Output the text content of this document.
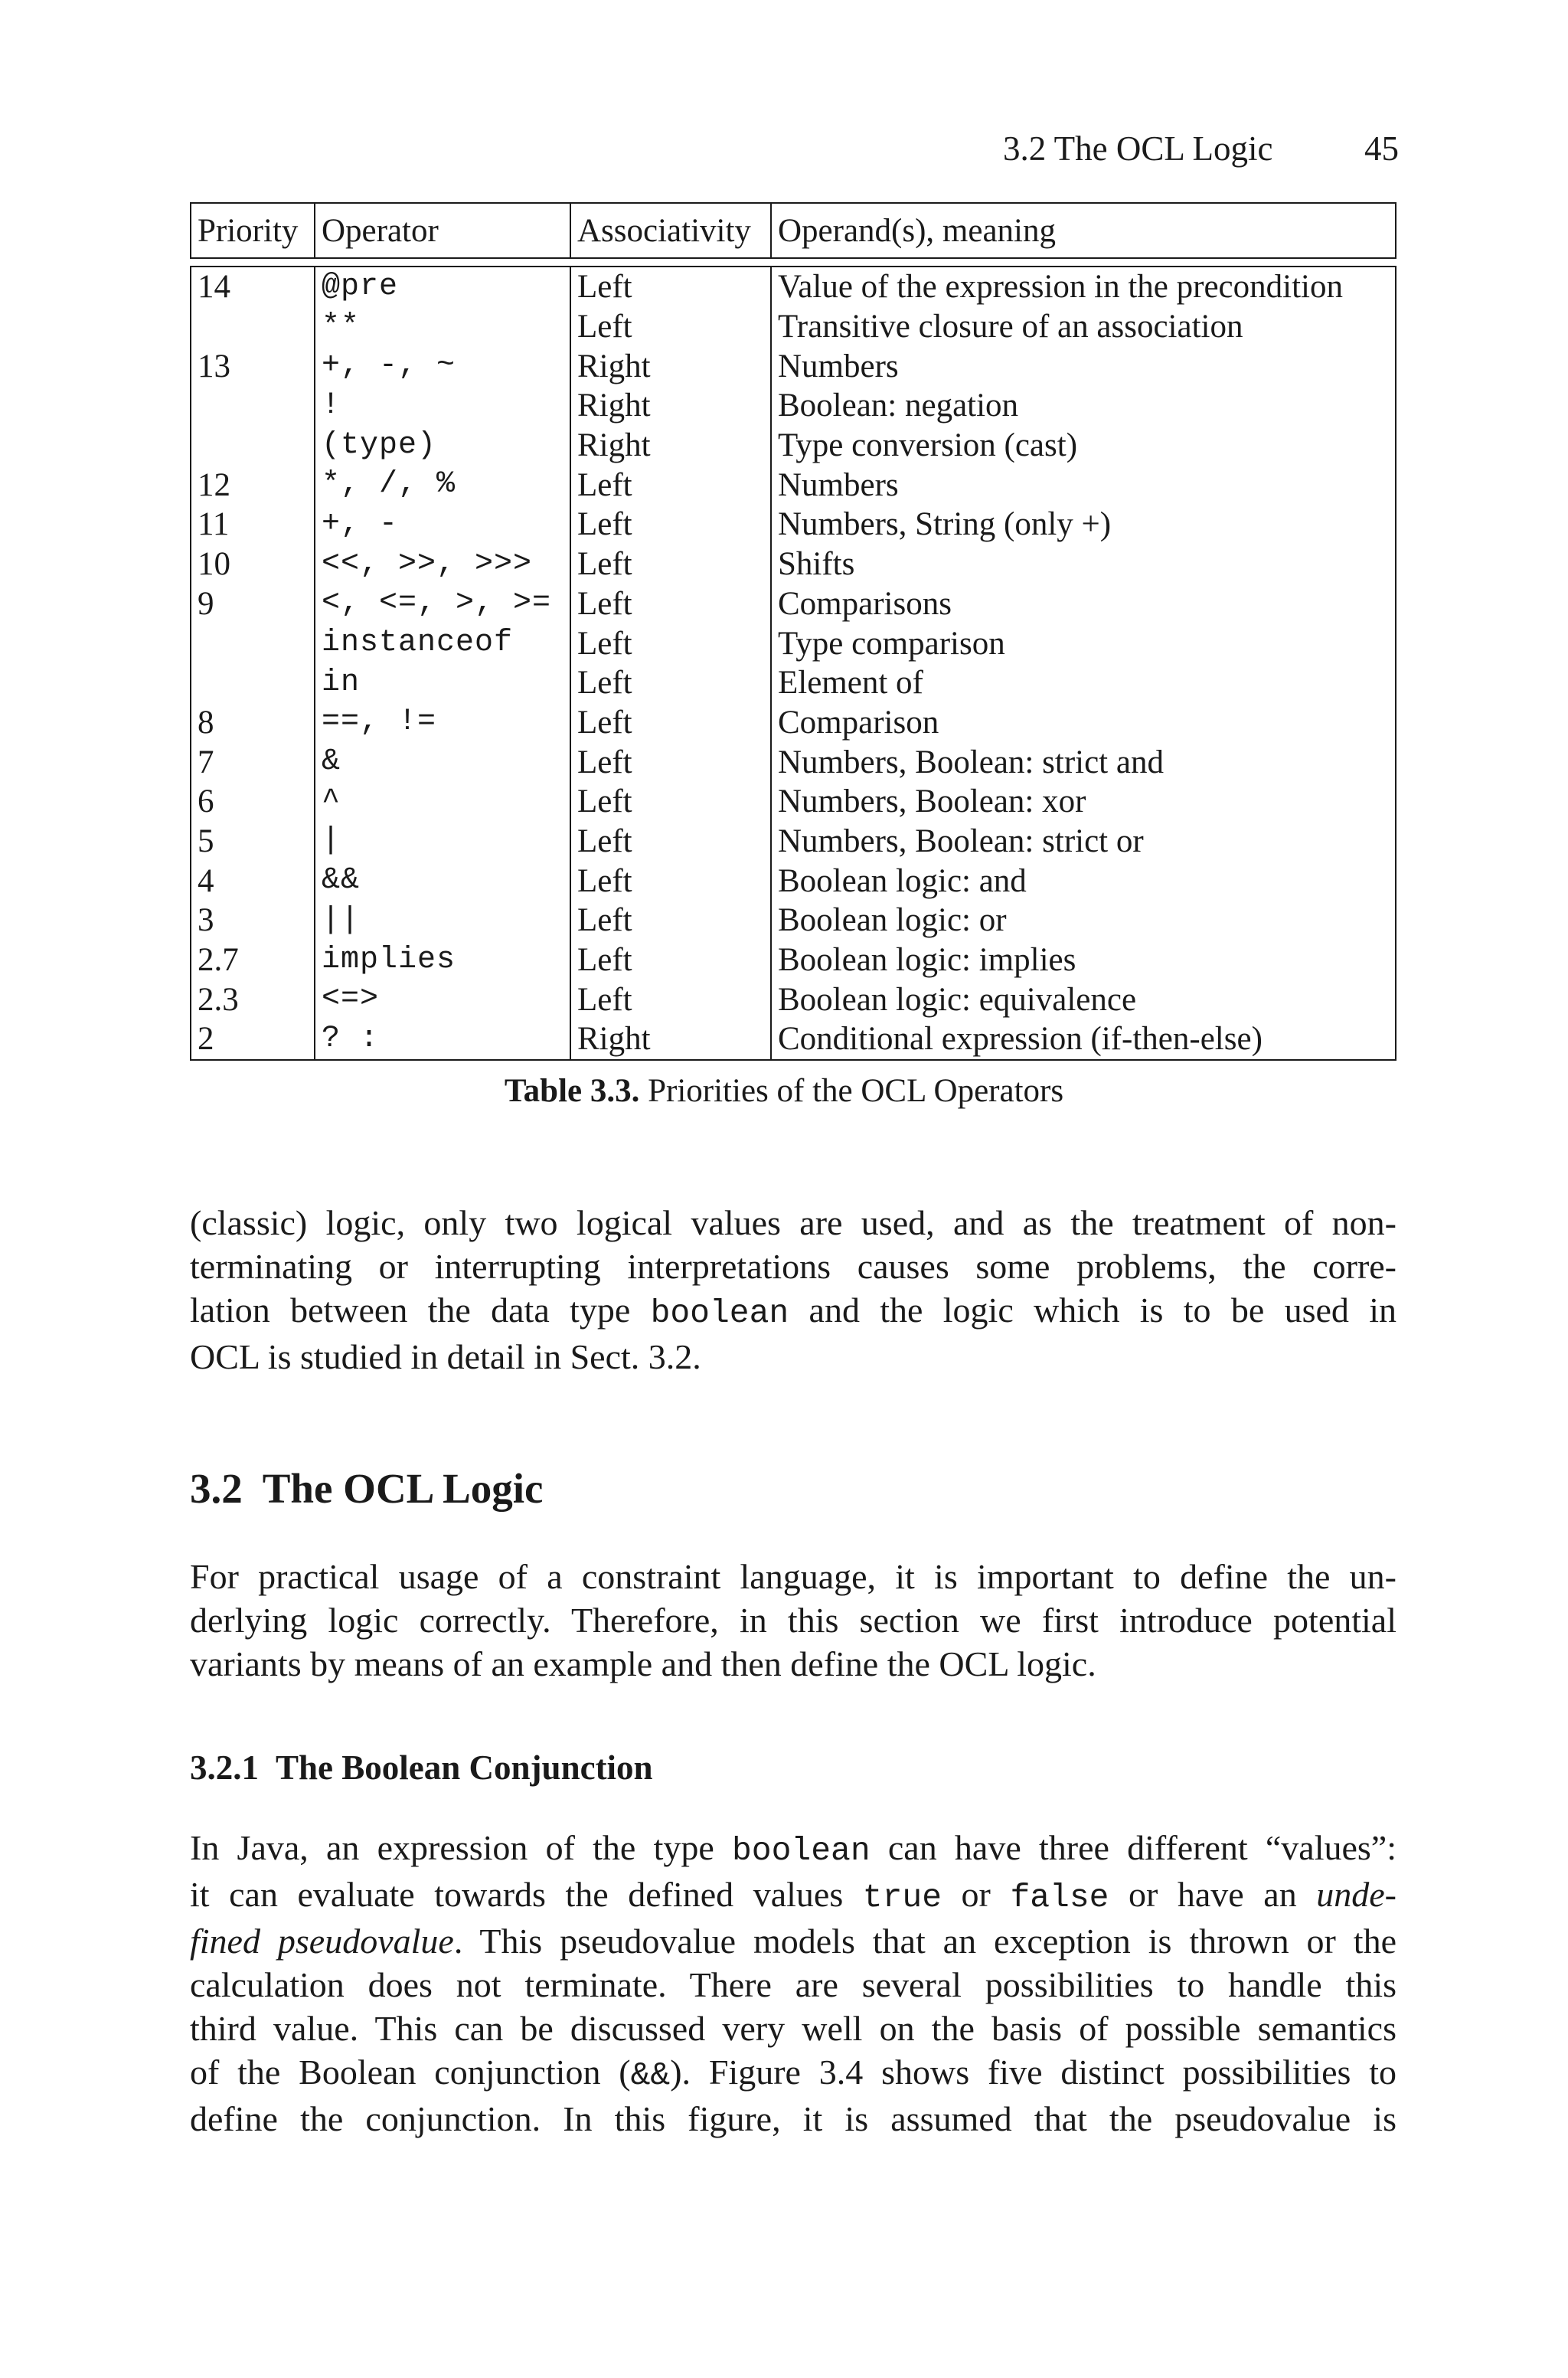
3.2 The OCL Logic	45
Priority	Operator	Associativity	Operand(s), meaning

14	@pre	Left	Value of the expression in the precondition
	**	Left	Transitive closure of an association
13	+, -, ~	Right	Numbers
	!	Right	Boolean: negation
	(type)	Right	Type conversion (cast)
12	*, /, %	Left	Numbers
11	+, -	Left	Numbers, String (only +)
10	<<, >>, >>>	Left	Shifts
9	<, <=, >, >=	Left	Comparisons
	instanceof	Left	Type comparison
	in	Left	Element of
8	==, !=	Left	Comparison
7	&	Left	Numbers, Boolean: strict and
6	^	Left	Numbers, Boolean: xor
5	|	Left	Numbers, Boolean: strict or
4	&&	Left	Boolean logic: and
3	||	Left	Boolean logic: or
2.7	implies	Left	Boolean logic: implies
2.3	<=>	Left	Boolean logic: equivalence
2	? :	Right	Conditional expression (if-then-else)
Table 3.3. Priorities of the OCL Operators
(classic) logic, only two logical values are used, and as the treatment of non-
terminating or interrupting interpretations causes some problems, the corre-
lation between the data type boolean and the logic which is to be used in
OCL is studied in detail in Sect. 3.2.
3.2 The OCL Logic
For practical usage of a constraint language, it is important to define the un-
derlying logic correctly. Therefore, in this section we first introduce potential
variants by means of an example and then define the OCL logic.
3.2.1 The Boolean Conjunction
In Java, an expression of the type boolean can have three different “values”:
it can evaluate towards the defined values true or false or have an unde-
fined pseudovalue. This pseudovalue models that an exception is thrown or the
calculation does not terminate. There are several possibilities to handle this
third value. This can be discussed very well on the basis of possible semantics
of the Boolean conjunction (&&). Figure 3.4 shows five distinct possibilities to
define the conjunction. In this figure, it is assumed that the pseudovalue is
